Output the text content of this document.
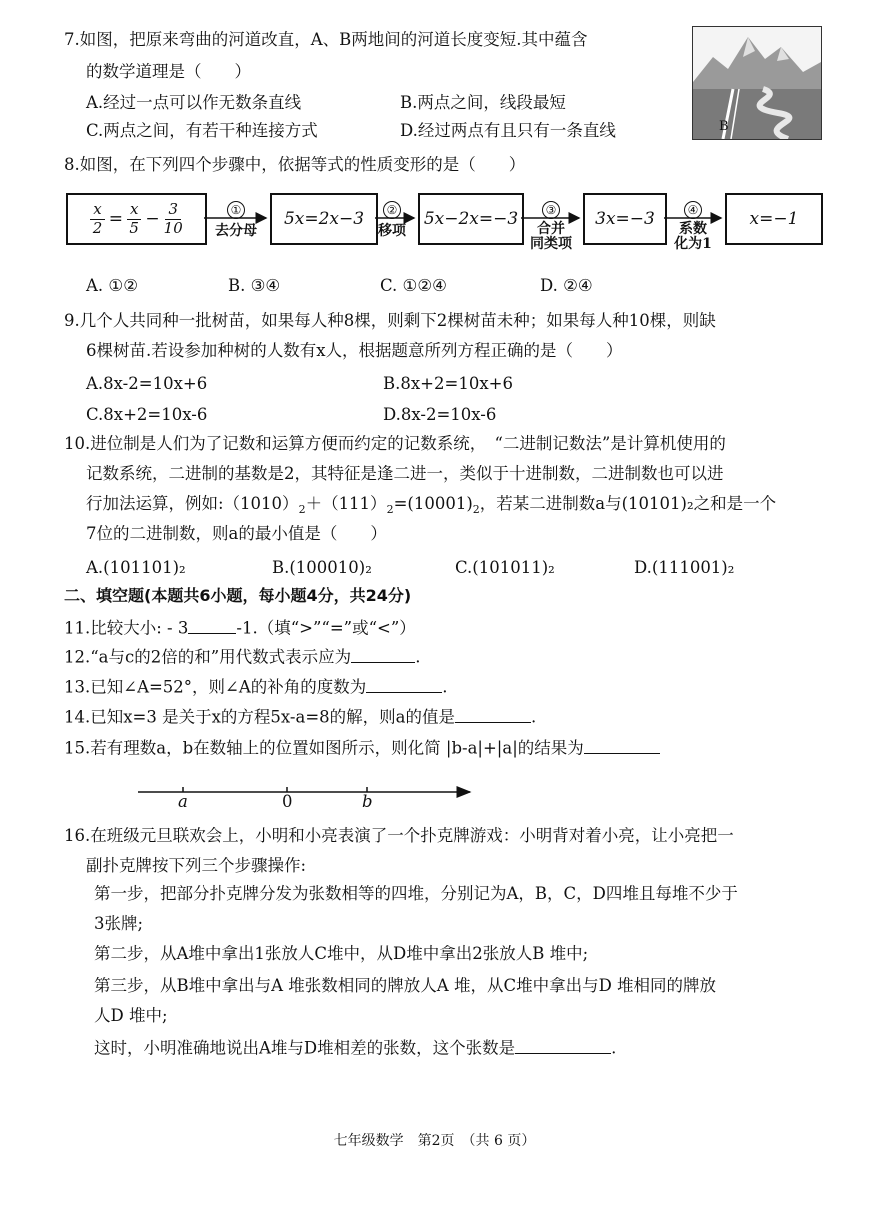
7.如图，把原来弯曲的河道改直，A、B两地间的河道长度变短.其中蕴含
的数学道理是（　　）
A.经过一点可以作无数条直线	B.两点之间，线段最短
C.两点之间，有若干种连接方式	D.经过两点有且只有一条直线	B
8.如图，在下列四个步骤中，依据等式的性质变形的是（　　）
$\frac{x}{2} = \frac{x}{5} - \frac{3}{10}$	5x=2x−3	5x−2x=−3	3x=−3	x=−1
①
去分母
②
移项
③
合并
同类项
④
系数
化为1
A. ①②	B. ③④	C. ①②④	D. ②④
9.几个人共同种一批树苗，如果每人种8棵，则剩下2棵树苗未种；如果每人种10棵，则缺
6棵树苗.若设参加种树的人数有x人，根据题意所列方程正确的是（　　）
A.8x-2=10x+6	B.8x+2=10x+6
C.8x+2=10x-6	D.8x-2=10x-6
10.进位制是人们为了记数和运算方便而约定的记数系统，　“二进制记数法”是计算机使用的
记数系统，二进制的基数是2，其特征是逢二进一，类似于十进制数，二进制数也可以进
行加法运算，例如$:(1010)_2+(111)_2=(10001)_2$，若某二进制数a与(10101)₂之和是一个
7位的二进制数，则a的最小值是（　　）
A.(101101)₂	B.(100010)₂	C.(101011)₂	D.(111001)₂
二、填空题(本题共6小题，每小题4分，共24分)
11.比较大小: - 3	-1.（填“>”“=”或“<”）
12.“a与c的2倍的和”用代数式表示应为	.
13.已知∠A=52°，则∠A的补角的度数为	.
14.已知x=3 是关于x的方程5x-a=8的解，则a的值是	.
15.若有理数a，b在数轴上的位置如图所示，则化简 |b-a|+|a|的结果为
a	0	b
16.在班级元旦联欢会上，小明和小亮表演了一个扑克牌游戏：小明背对着小亮，让小亮把一
副扑克牌按下列三个步骤操作:
第一步，把部分扑克牌分发为张数相等的四堆，分别记为A，B，C，D四堆且每堆不少于
3张牌;
第二步，从A堆中拿出1张放人C堆中，从D堆中拿出2张放人B 堆中;
第三步，从B堆中拿出与A 堆张数相同的牌放人A 堆，从C堆中拿出与D 堆相同的牌放
人D 堆中;
这时，小明准确地说出A堆与D堆相差的张数，这个张数是	.
七年级数学　第2页　（共 6 页）
